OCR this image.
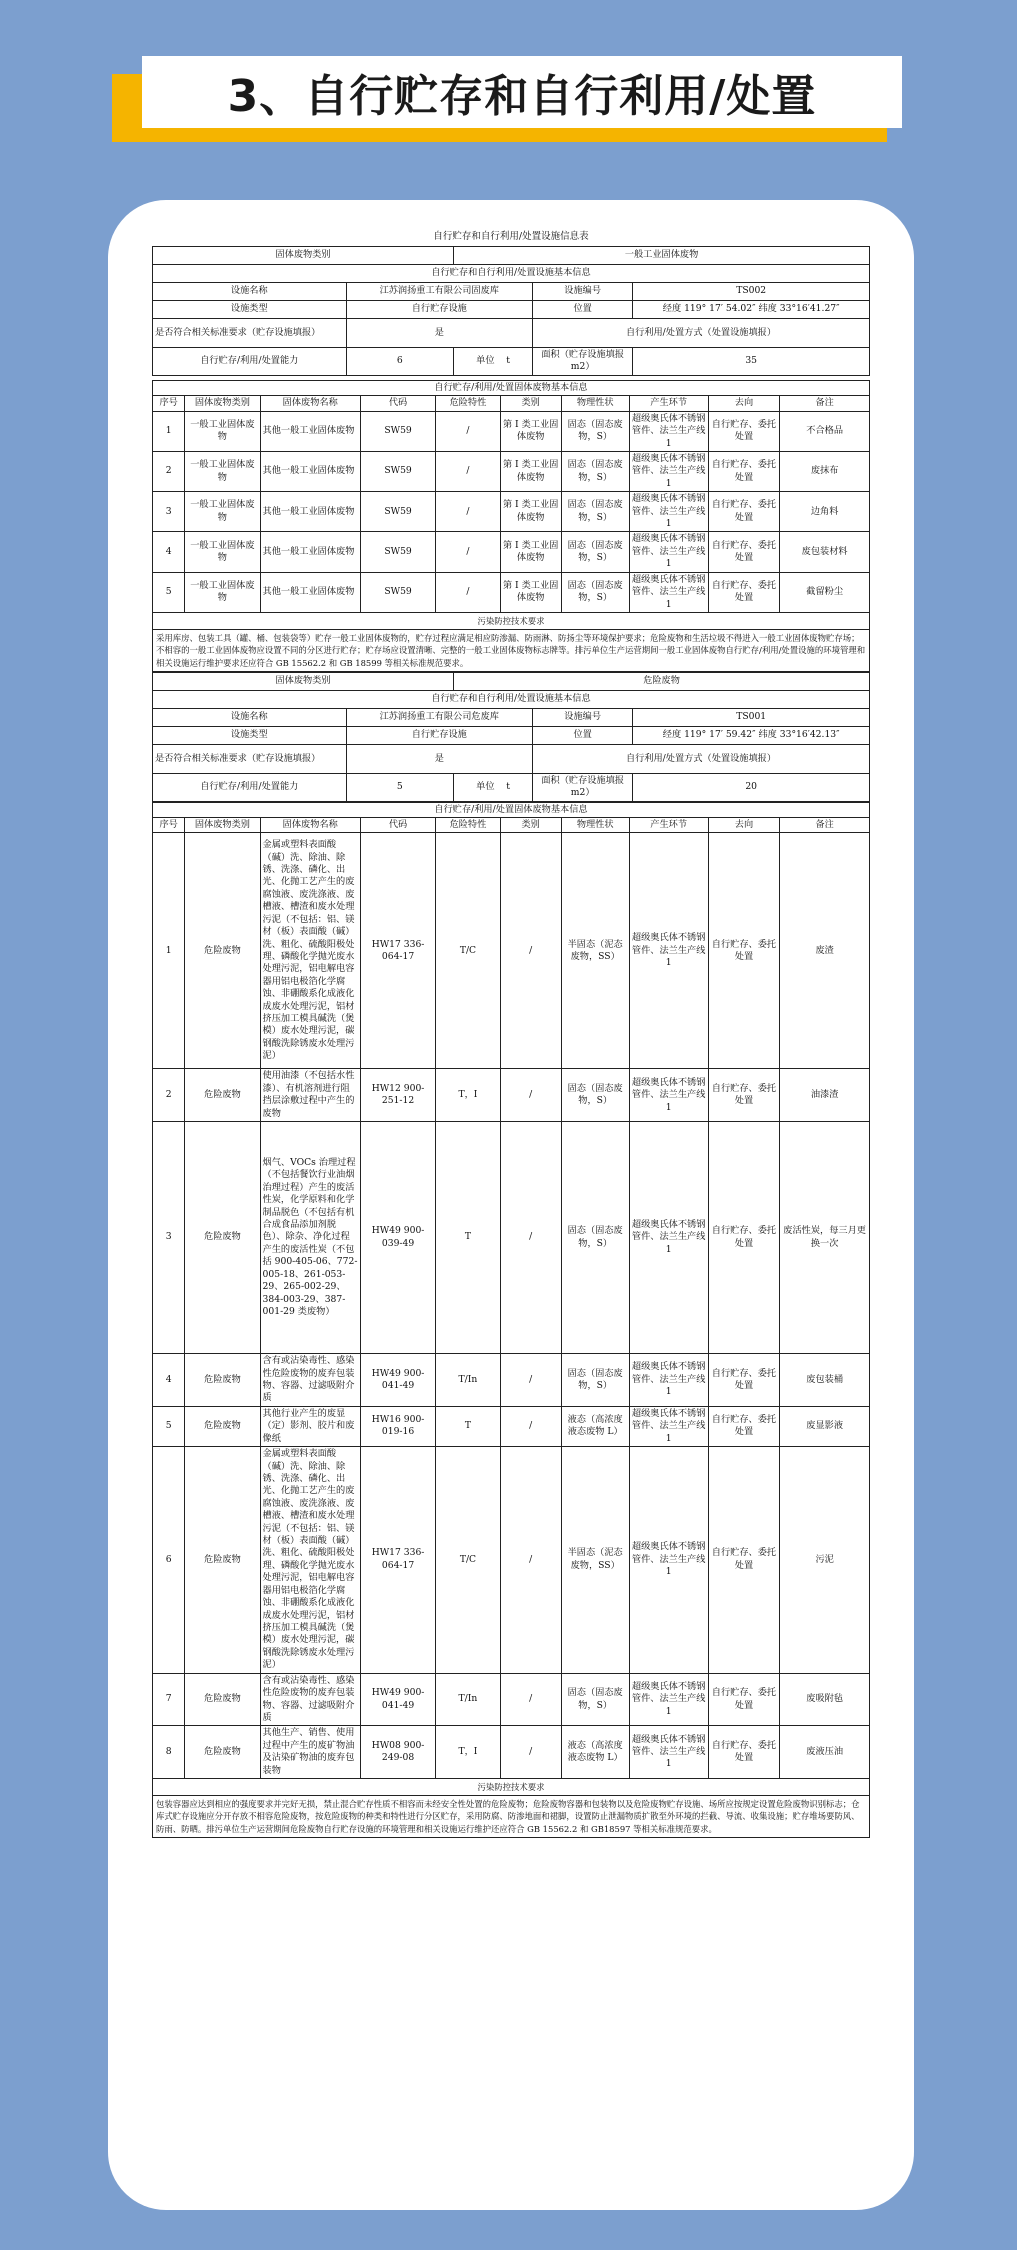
3、自行贮存和自行利用/处置
自行贮存和自行利用/处置设施信息表
固体废物类别		一般工业固体废物		
自行贮存和自行利用/处置设施基本信息				
设施名称	江苏润扬重工有限公司固废库		设施编号	TS002
设施类型	自行贮存设施		位置	经度 119° 17′ 54.02″ 纬度 33°16′41.27″
是否符合相关标准要求（贮存设施填报）	是		自行利用/处置方式（处置设施填报）	
自行贮存/利用/处置能力	6	单位 t	面积（贮存设施填报m2）	35
自行贮存/利用/处置固体废物基本信息									
序号	固体废物类别	固体废物名称	代码	危险特性	类别	物理性状	产生环节	去向	备注
1	一般工业固体废物	其他一般工业固体废物	SW59	/	第 I 类工业固体废物	固态（固态废物，S）	超级奥氏体不锈钢管件、法兰生产线1	自行贮存、委托处置	不合格品
2	一般工业固体废物	其他一般工业固体废物	SW59	/	第 I 类工业固体废物	固态（固态废物，S）	超级奥氏体不锈钢管件、法兰生产线1	自行贮存、委托处置	废抹布
3	一般工业固体废物	其他一般工业固体废物	SW59	/	第 I 类工业固体废物	固态（固态废物，S）	超级奥氏体不锈钢管件、法兰生产线1	自行贮存、委托处置	边角料
4	一般工业固体废物	其他一般工业固体废物	SW59	/	第 I 类工业固体废物	固态（固态废物，S）	超级奥氏体不锈钢管件、法兰生产线1	自行贮存、委托处置	废包装材料
5	一般工业固体废物	其他一般工业固体废物	SW59	/	第 I 类工业固体废物	固态（固态废物，S）	超级奥氏体不锈钢管件、法兰生产线1	自行贮存、委托处置	截留粉尘
污染防控技术要求									
采用库房、包装工具（罐、桶、包装袋等）贮存一般工业固体废物的，贮存过程应满足相应防渗漏、防雨淋、防扬尘等环境保护要求；危险废物和生活垃圾不得进入一般工业固体废物贮存场；不相容的一般工业固体废物应设置不同的分区进行贮存；贮存场应设置清晰、完整的一般工业固体废物标志牌等。排污单位生产运营期间一般工业固体废物自行贮存/利用/处置设施的环境管理和相关设施运行维护要求还应符合 GB 15562.2 和 GB 18599 等相关标准规范要求。									
固体废物类别		危险废物		
自行贮存和自行利用/处置设施基本信息				
设施名称	江苏润扬重工有限公司危废库		设施编号	TS001
设施类型	自行贮存设施		位置	经度 119° 17′ 59.42″ 纬度 33°16′42.13″
是否符合相关标准要求（贮存设施填报）	是		自行利用/处置方式（处置设施填报）	
自行贮存/利用/处置能力	5	单位 t	面积（贮存设施填报m2）	20
自行贮存/利用/处置固体废物基本信息									
序号	固体废物类别	固体废物名称	代码	危险特性	类别	物理性状	产生环节	去向	备注
1	危险废物	金属或塑料表面酸（碱）洗、除油、除锈、洗涤、磷化、出光、化抛工艺产生的废腐蚀液、废洗涤液、废槽液、槽渣和废水处理污泥（不包括：铝、镁材（板）表面酸（碱）洗、粗化、硫酸阳极处理、磷酸化学抛光废水处理污泥，铝电解电容器用铝电极箔化学腐蚀、非硼酸系化成液化成废水处理污泥，铝材挤压加工模具碱洗（煲模）废水处理污泥，碳钢酸洗除锈废水处理污泥）	HW17 336-064-17	T/C	/	半固态（泥态废物，SS）	超级奥氏体不锈钢管件、法兰生产线1	自行贮存、委托处置	废渣
2	危险废物	使用油漆（不包括水性漆）、有机溶剂进行阻挡层涂敷过程中产生的废物	HW12 900-251-12	T，I	/	固态（固态废物，S）	超级奥氏体不锈钢管件、法兰生产线1	自行贮存、委托处置	油漆渣
3	危险废物	烟气、VOCs 治理过程（不包括餐饮行业油烟治理过程）产生的废活性炭，化学原料和化学制品脱色（不包括有机合成食品添加剂脱色）、除杂、净化过程产生的废活性炭（不包括 900-405-06、772-005-18、261-053-29、265-002-29、384-003-29、387-001-29 类废物）	HW49 900-039-49	T	/	固态（固态废物，S）	超级奥氏体不锈钢管件、法兰生产线1	自行贮存、委托处置	废活性炭，每三月更换一次
4	危险废物	含有或沾染毒性、感染性危险废物的废弃包装物、容器、过滤吸附介质	HW49 900-041-49	T/In	/	固态（固态废物，S）	超级奥氏体不锈钢管件、法兰生产线1	自行贮存、委托处置	废包装桶
5	危险废物	其他行业产生的废显（定）影剂、胶片和废像纸	HW16 900-019-16	T	/	液态（高浓度液态废物 L）	超级奥氏体不锈钢管件、法兰生产线1	自行贮存、委托处置	废显影液
6	危险废物	金属或塑料表面酸（碱）洗、除油、除锈、洗涤、磷化、出光、化抛工艺产生的废腐蚀液、废洗涤液、废槽液、槽渣和废水处理污泥（不包括：铝、镁材（板）表面酸（碱）洗、粗化、硫酸阳极处理、磷酸化学抛光废水处理污泥，铝电解电容器用铝电极箔化学腐蚀、非硼酸系化成液化成废水处理污泥，铝材挤压加工模具碱洗（煲模）废水处理污泥，碳钢酸洗除锈废水处理污泥）	HW17 336-064-17	T/C	/	半固态（泥态废物，SS）	超级奥氏体不锈钢管件、法兰生产线1	自行贮存、委托处置	污泥
7	危险废物	含有或沾染毒性、感染性危险废物的废弃包装物、容器、过滤吸附介质	HW49 900-041-49	T/In	/	固态（固态废物，S）	超级奥氏体不锈钢管件、法兰生产线1	自行贮存、委托处置	废吸附毡
8	危险废物	其他生产、销售、使用过程中产生的废矿物油及沾染矿物油的废弃包装物	HW08 900-249-08	T，I	/	液态（高浓度液态废物 L）	超级奥氏体不锈钢管件、法兰生产线1	自行贮存、委托处置	废液压油
污染防控技术要求									
包装容器应达到相应的强度要求并完好无损，禁止混合贮存性质不相容而未经安全性处置的危险废物；危险废物容器和包装物以及危险废物贮存设施、场所应按规定设置危险废物识别标志；仓库式贮存设施应分开存放不相容危险废物，按危险废物的种类和特性进行分区贮存，采用防腐、防渗地面和裙脚，设置防止泄漏物质扩散至外环境的拦截、导流、收集设施；贮存堆场要防风、防雨、防晒。排污单位生产运营期间危险废物自行贮存设施的环境管理和相关设施运行维护还应符合 GB 15562.2 和 GB18597 等相关标准规范要求。									
